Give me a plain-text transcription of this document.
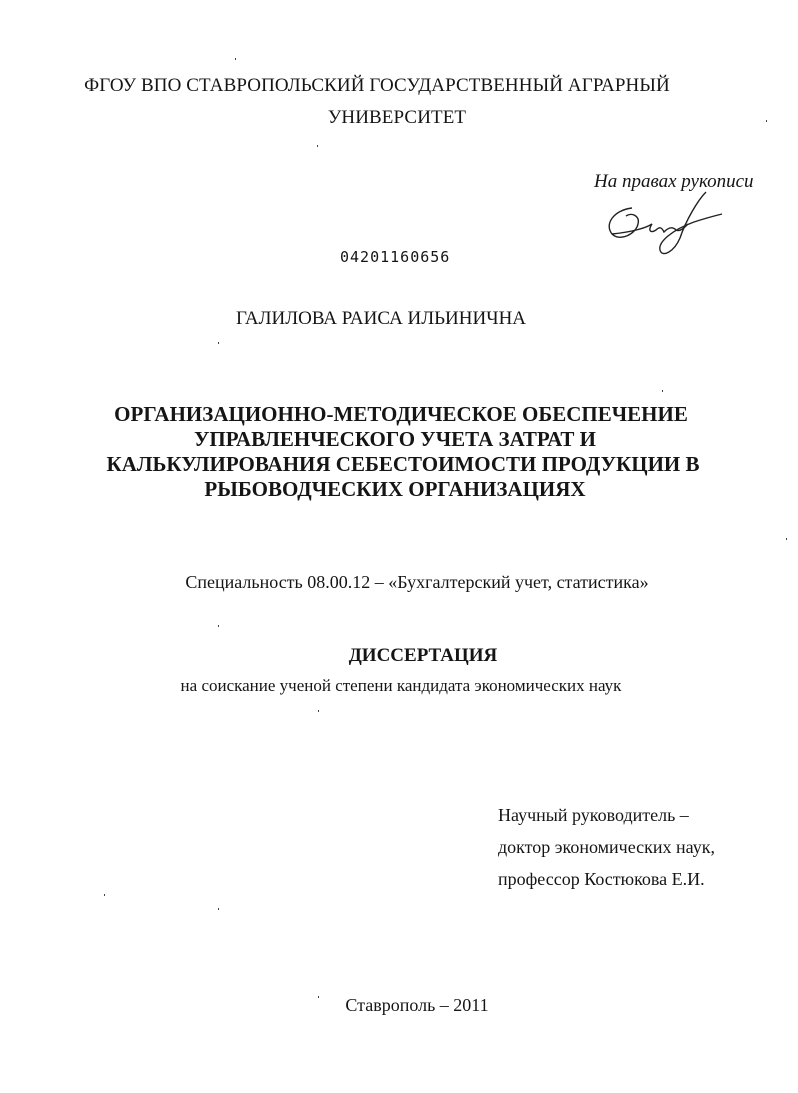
ФГОУ ВПО СТАВРОПОЛЬСКИЙ ГОСУДАРСТВЕННЫЙ АГРАРНЫЙ
УНИВЕРСИТЕТ
На правах рукописи
04201160656
ГАЛИЛОВА РАИСА ИЛЬИНИЧНА
ОРГАНИЗАЦИОННО-МЕТОДИЧЕСКОЕ ОБЕСПЕЧЕНИЕ
УПРАВЛЕНЧЕСКОГО УЧЕТА ЗАТРАТ И
КАЛЬКУЛИРОВАНИЯ СЕБЕСТОИМОСТИ ПРОДУКЦИИ В
РЫБОВОДЧЕСКИХ ОРГАНИЗАЦИЯХ
Специальность 08.00.12 – «Бухгалтерский учет, статистика»
ДИССЕРТАЦИЯ
на соискание ученой степени кандидата экономических наук
Научный руководитель –
доктор экономических наук,
профессор Костюкова Е.И.
Ставрополь – 2011
